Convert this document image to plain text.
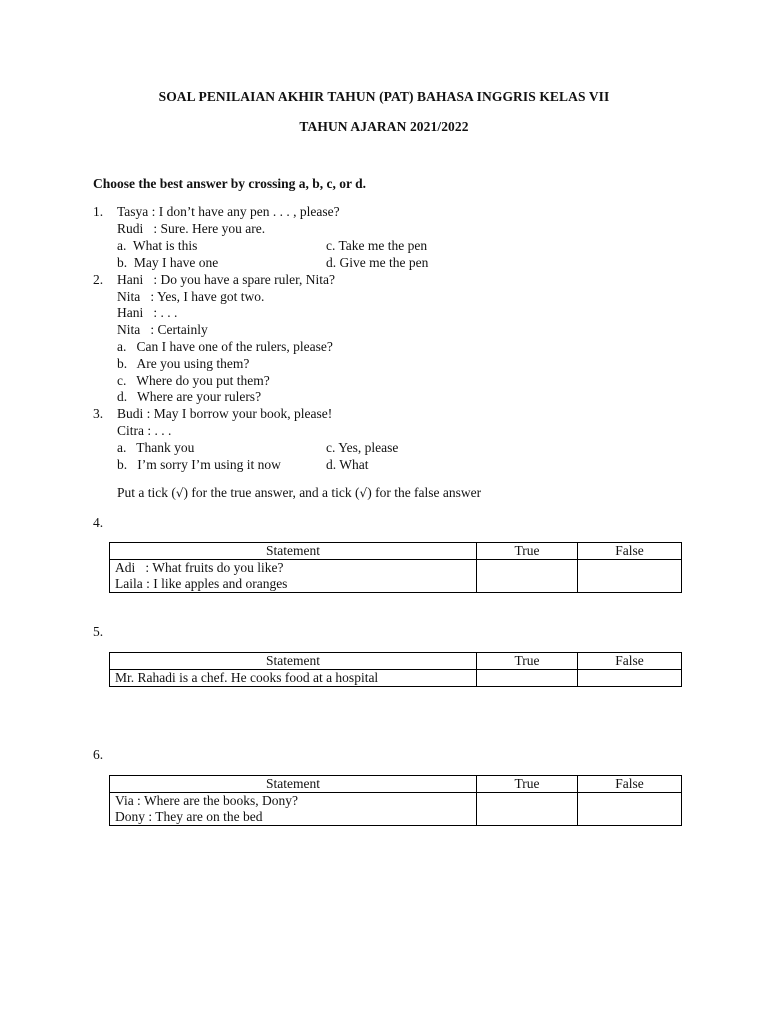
SOAL PENILAIAN AKHIR TAHUN (PAT) BAHASA INGGRIS KELAS VII
TAHUN AJARAN 2021/2022
Choose the best answer by crossing a, b, c, or d.
1. Tasya : I don’t have any pen . . . , please?
Rudi   : Sure. Here you are.
a.  What is this	c. Take me the pen
b.  May I have one	d. Give me the pen
2. Hani   : Do you have a spare ruler, Nita?
Nita   : Yes, I have got two.
Hani   : . . .
Nita   : Certainly
a.   Can I have one of the rulers, please?
b.   Are you using them?
c.   Where do you put them?
d.   Where are your rulers?
3. Budi : May I borrow your book, please!
Citra : . . .
a.   Thank you	c. Yes, please
b.   I’m sorry I’m using it now	d. What
Put a tick (√) for the true answer, and a tick (√) for the false answer
4.
Statement	True	False

Adi   : What fruits do you like?
Laila : I like apples and oranges		

5.
Statement	True	False

Mr. Rahadi is a chef. He cooks food at a hospital		

6.
Statement	True	False

Via : Where are the books, Dony?
Dony : They are on the bed		
